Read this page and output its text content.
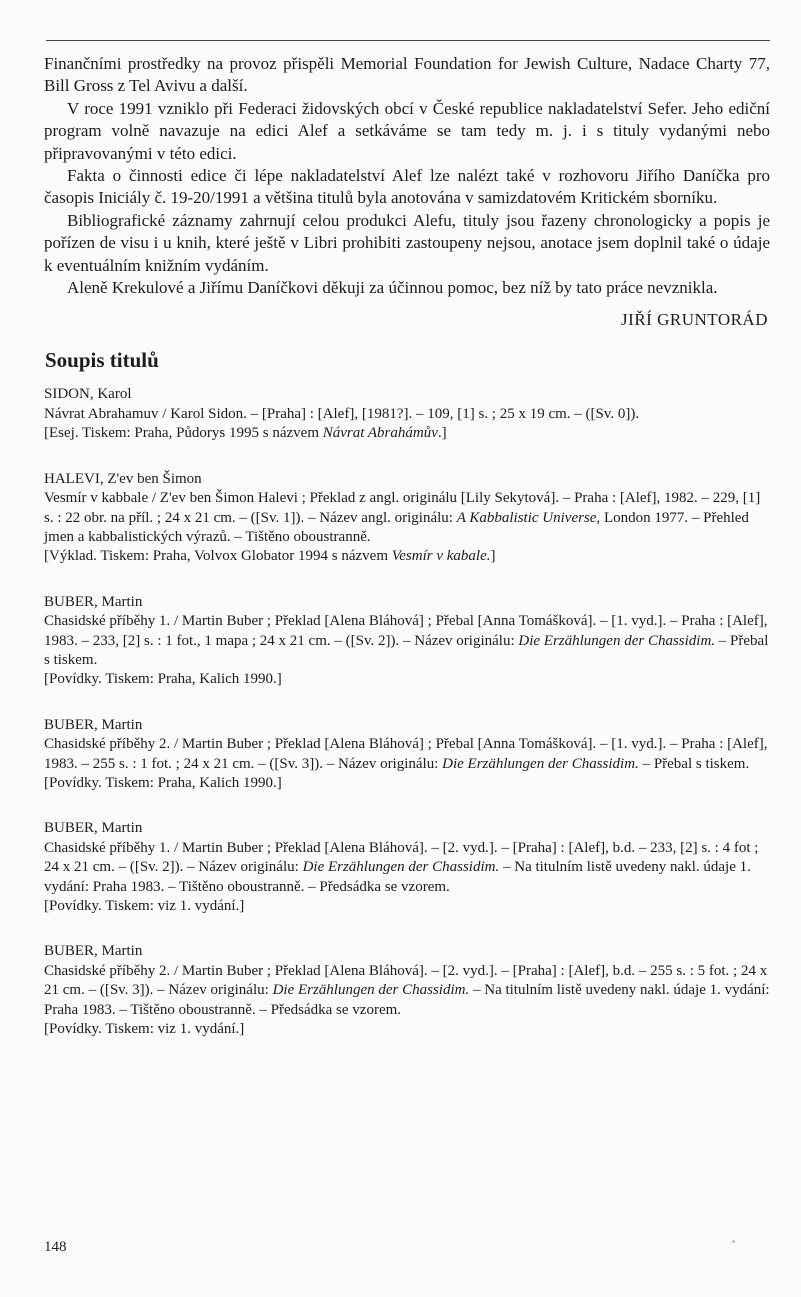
Finančními prostředky na provoz přispěli Memorial Foundation for Jewish Culture, Nadace Charty 77, Bill Gross z Tel Avivu a další.

V roce 1991 vzniklo při Federaci židovských obcí v České republice nakladatelství Sefer. Jeho ediční program volně navazuje na edici Alef a setkáváme se tam tedy m. j. i s tituly vydanými nebo připravovanými v této edici.

Fakta o činnosti edice či lépe nakladatelství Alef lze nalézt také v rozhovoru Jiřího Daníčka pro časopis Iniciály č. 19-20/1991 a většina titulů byla anotována v samizdatovém Kritickém sborníku.

Bibliografické záznamy zahrnují celou produkci Alefu, tituly jsou řazeny chronologicky a popis je pořízen de visu i u knih, které ještě v Libri prohibiti zastoupeny nejsou, anotace jsem doplnil také o údaje k eventuálním knižním vydáním.

Aleně Krekulové a Jiřímu Daníčkovi děkuji za účinnou pomoc, bez níž by tato práce nevznikla.

JIŘÍ GRUNTORÁD
Soupis titulů

SIDON, Karol

Návrat Abrahamuv / Karol Sidon. – [Praha] : [Alef], [1981?]. – 109, [1] s. ; 25 x 19 cm. – ([Sv. 0]).

[Esej. Tiskem: Praha, Půdorys 1995 s názvem Návrat Abrahámův.]

HALEVI, Z'ev ben Šimon

Vesmír v kabbale / Z'ev ben Šimon Halevi ; Překlad z angl. originálu [Lily Sekytová]. – Praha : [Alef], 1982. – 229, [1] s. : 22 obr. na příl. ; 24 x 21 cm. – ([Sv. 1]). – Název angl. originálu: A Kabbalistic Universe, London 1977. – Přehled jmen a kabbalistických výrazů. – Tištěno oboustranně.

[Výklad. Tiskem: Praha, Volvox Globator 1994 s názvem Vesmír v kabale.]

BUBER, Martin

Chasidské příběhy 1. / Martin Buber ; Překlad [Alena Bláhová] ; Přebal [Anna Tomášková]. – [1. vyd.]. – Praha : [Alef], 1983. – 233, [2] s. : 1 fot., 1 mapa ; 24 x 21 cm. – ([Sv. 2]). – Název originálu: Die Erzählungen der Chassidim. – Přebal s tiskem.

[Povídky. Tiskem: Praha, Kalich 1990.]

BUBER, Martin

Chasidské příběhy 2. / Martin Buber ; Překlad [Alena Bláhová] ; Přebal [Anna Tomášková]. – [1. vyd.]. – Praha : [Alef], 1983. – 255 s. : 1 fot. ; 24 x 21 cm. – ([Sv. 3]). – Název originálu: Die Erzählungen der Chassidim. – Přebal s tiskem.

[Povídky. Tiskem: Praha, Kalich 1990.]

BUBER, Martin

Chasidské příběhy 1. / Martin Buber ; Překlad [Alena Bláhová]. – [2. vyd.]. – [Praha] : [Alef], b.d. – 233, [2] s. : 4 fot ; 24 x 21 cm. – ([Sv. 2]). – Název originálu: Die Erzählungen der Chassidim. – Na titulním listě uvedeny nakl. údaje 1. vydání: Praha 1983. – Tištěno oboustranně. – Předsádka se vzorem.

[Povídky. Tiskem: viz 1. vydání.]

BUBER, Martin

Chasidské příběhy 2. / Martin Buber ; Překlad [Alena Bláhová]. – [2. vyd.]. – [Praha] : [Alef], b.d. – 255 s. : 5 fot. ; 24 x 21 cm. – ([Sv. 3]). – Název originálu: Die Erzählungen der Chassidim. – Na titulním listě uvedeny nakl. údaje 1. vydání: Praha 1983. – Tištěno oboustranně. – Předsádka se vzorem.

[Povídky. Tiskem: viz 1. vydání.]

148
